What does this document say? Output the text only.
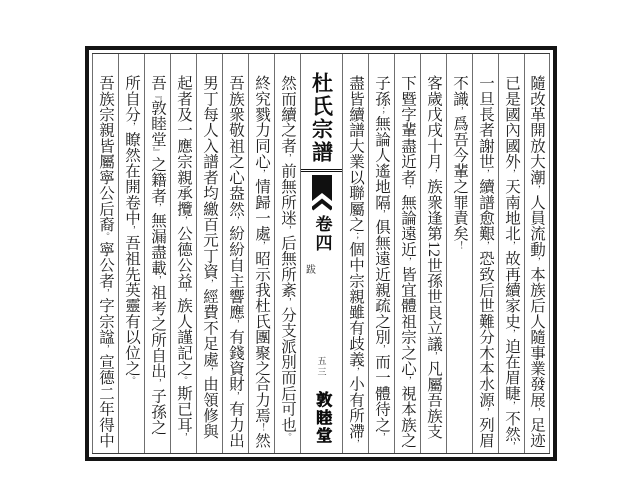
隨改革開放大潮，人員流動，本族后人隨事業發展，足迹
已是國內國外，天南地北，故再續家史，迫在眉睫，不然，
一旦長者謝世，續譜愈艱，恐致后世難分木本水源，列眉
不識，爲吾今輩之罪責矣！
客歲戊戌十月，族衆逢第12世孫世良立議，凡屬吾族支
下暨字輩盡近者，無論遠近，皆宜體祖宗之心，視本族之
子孫；無論人遙地隔，俱無遠近親疏之別，而一體待之，
盡皆續譜大業以聯屬之；個中宗親雖有歧義，小有所滯，
杜氏宗譜
卷四
跋
五三
敦睦堂
然而續之者，前無所迷，后無所紊，分支派別而后可也。
終究戮力同心，情歸一處，昭示我杜氏團聚之合力焉！然
吾族衆敬祖之心盎然，紛紛自主響應，有錢資財，有力出
男丁每人入譜者均繳百元丁資，經費不足處，由領修與
起者及一應宗親承攬，公德公益，族人謹記之。斯已耳，
吾『敦睦堂』之籍者，無漏盡載，祖考之所自出，子孫之
所自分，瞭然在開卷中，吾祖先英靈有以位之。
吾族宗親皆屬寧公后裔。寧公者，字宗諡，宣德二年得中
